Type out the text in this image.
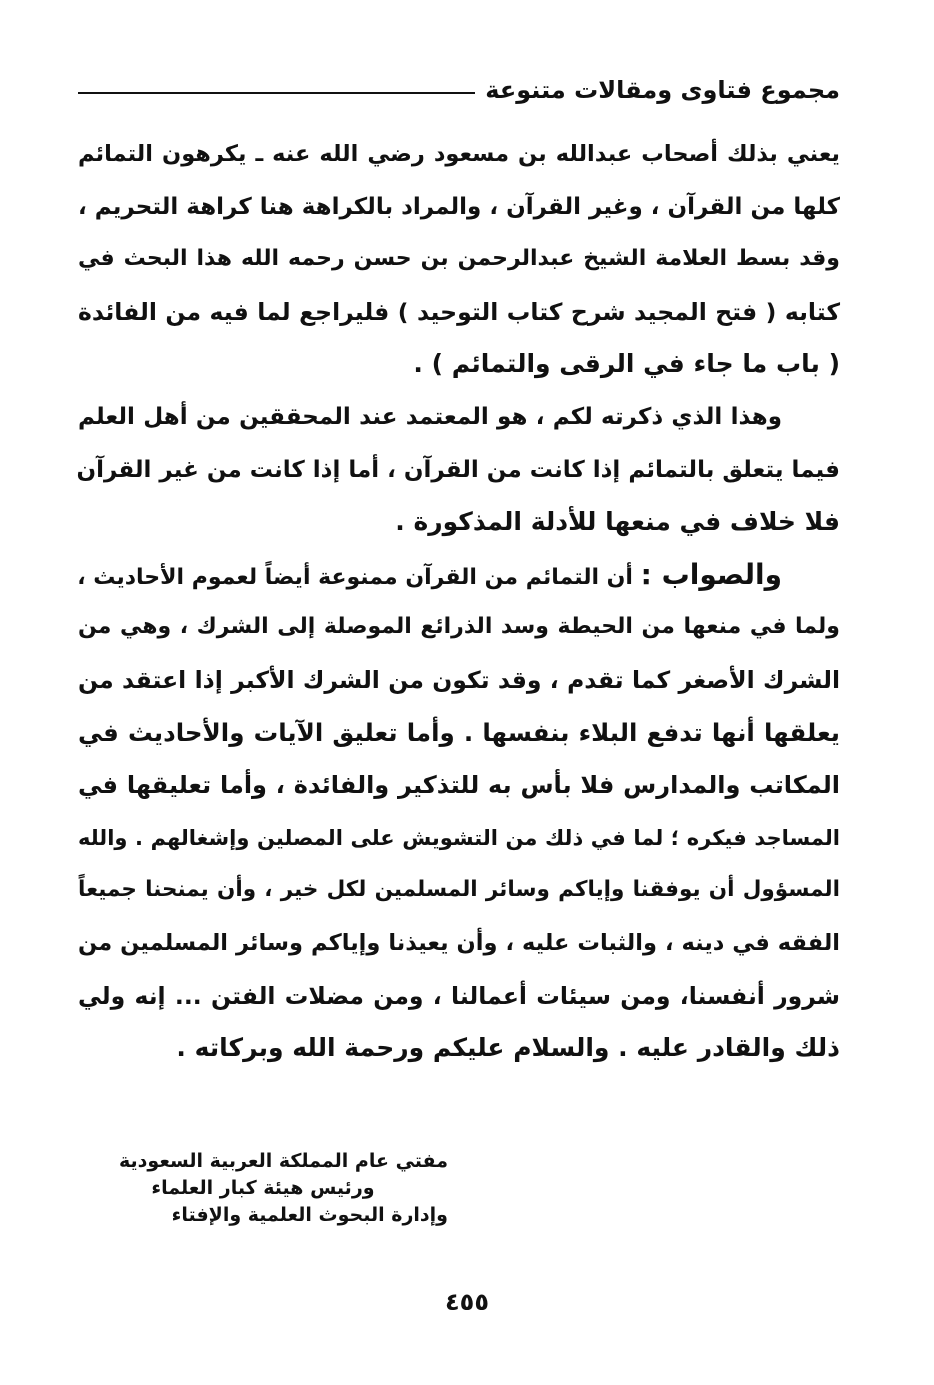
مجموع فتاوى ومقالات متنوعة
يعني بذلك أصحاب عبدالله بن مسعود رضي الله عنه ـ يكرهون التمائم
كلها من القرآن ، وغير القرآن ، والمراد بالكراهة هنا كراهة التحريم ،
وقد بسط العلامة الشيخ عبدالرحمن بن حسن رحمه الله هذا البحث في
كتابه ( فتح المجيد شرح كتاب التوحيد ) فليراجع لما فيه من الفائدة
( باب ما جاء في الرقى والتمائم ) .
وهذا الذي ذكرته لكم ، هو المعتمد عند المحققين من أهل العلم
فيما يتعلق بالتمائم إذا كانت من القرآن ، أما إذا كانت من غير القرآن
فلا خلاف في منعها للأدلة المذكورة .
والصواب : أن التمائم من القرآن ممنوعة أيضاً لعموم الأحاديث ،
ولما في منعها من الحيطة وسد الذرائع الموصلة إلى الشرك ، وهي من
الشرك الأصغر كما تقدم ، وقد تكون من الشرك الأكبر إذا اعتقد من
يعلقها أنها تدفع البلاء بنفسها . وأما تعليق الآيات والأحاديث في
المكاتب والمدارس فلا بأس به للتذكير والفائدة ، وأما تعليقها في
المساجد فيكره ؛ لما في ذلك من التشويش على المصلين وإشغالهم . والله
المسؤول أن يوفقنا وإياكم وسائر المسلمين لكل خير ، وأن يمنحنا جميعاً
الفقه في دينه ، والثبات عليه ، وأن يعيذنا وإياكم وسائر المسلمين من
شرور أنفسنا، ومن سيئات أعمالنا ، ومن مضلات الفتن ... إنه ولي
ذلك والقادر عليه . والسلام عليكم ورحمة الله وبركاته .
مفتي عام المملكة العربية السعودية
ورئيس هيئة كبار العلماء
وإدارة البحوث العلمية والإفتاء
٤٥٥
